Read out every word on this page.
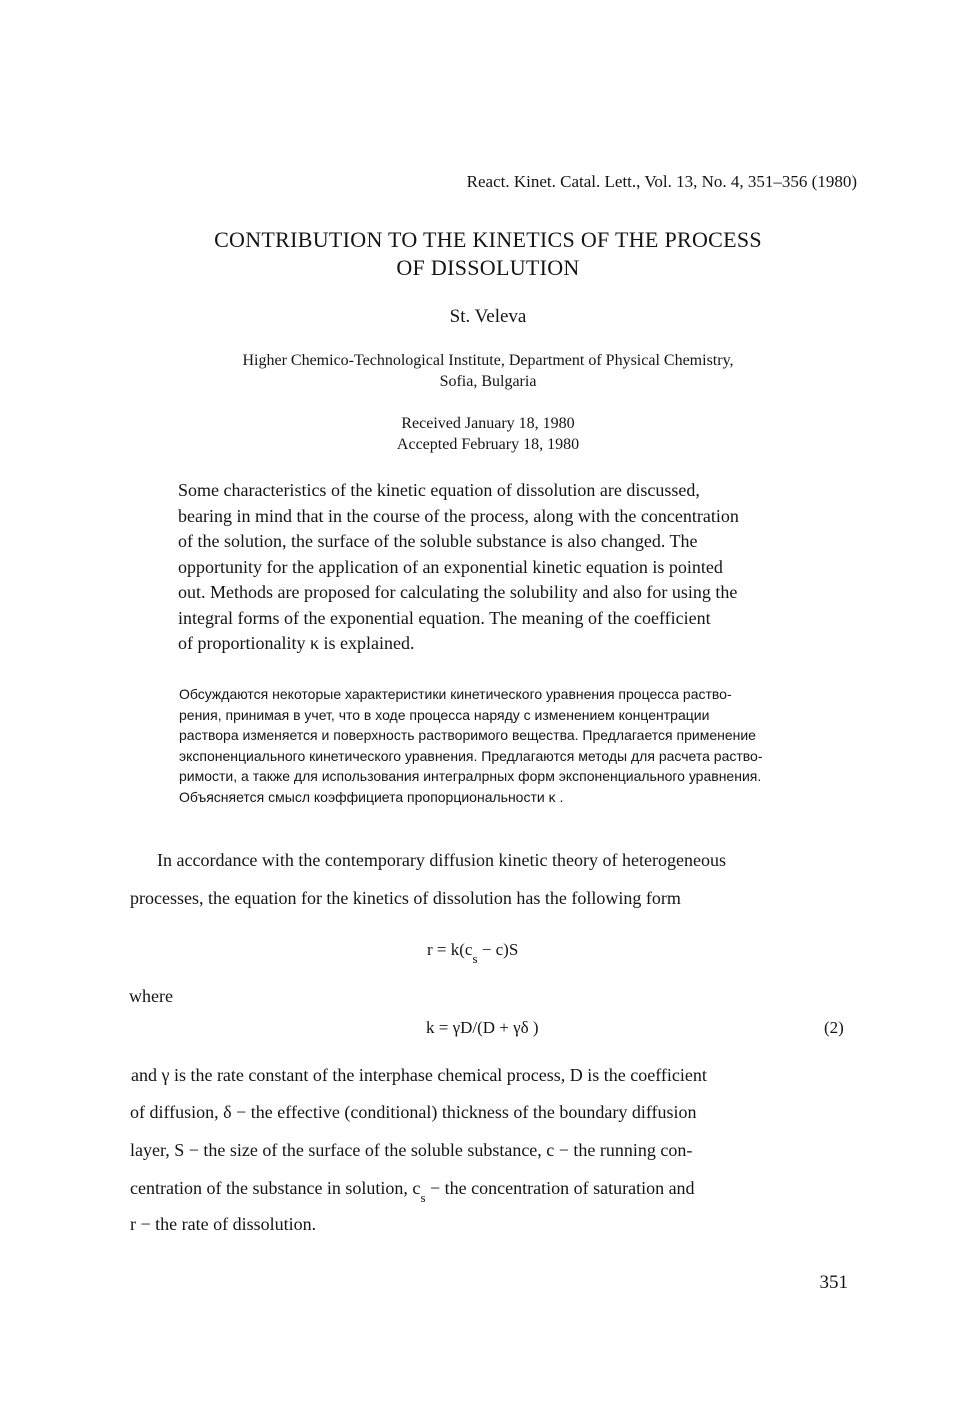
React. Kinet. Catal. Lett., Vol. 13, No. 4, 351–356 (1980)
CONTRIBUTION TO THE KINETICS OF THE PROCESS
OF DISSOLUTION
St. Veleva
Higher Chemico-Technological Institute, Department of Physical Chemistry,
Sofia, Bulgaria
Received January 18, 1980
Accepted February 18, 1980
Some characteristics of the kinetic equation of dissolution are discussed,
bearing in mind that in the course of the process, along with the concentration
of the solution, the surface of the soluble substance is also changed. The
opportunity for the application of an exponential kinetic equation is pointed
out. Methods are proposed for calculating the solubility and also for using the
integral forms of the exponential equation. The meaning of the coefficient
of proportionality κ is explained.
Обсуждаются некоторые характеристики кинетического уравнения процесса раство-
рения, принимая в учет, что в ходе процесса наряду с изменением концентрации
раствора изменяется и поверхность растворимого вещества. Предлагается применение
экспоненциального кинетического уравнения. Предлагаются методы для расчета раство-
римости, а также для использования интегралрных форм экспоненциального уравнения.
Объясняется смысл коэффициета пропорциональности κ .
In accordance with the contemporary diffusion kinetic theory of heterogeneous
processes, the equation for the kinetics of dissolution has the following form
$r = k(c_s - c)S$
where
k = γD/(D + γδ )	(2)
and γ is the rate constant of the interphase chemical process, D is the coefficient
of diffusion, δ − the effective (conditional) thickness of the boundary diffusion
layer, S − the size of the surface of the soluble substance, c − the running con-
centration of the substance in solution, $c_s$ − the concentration of saturation and
r − the rate of dissolution.
351
